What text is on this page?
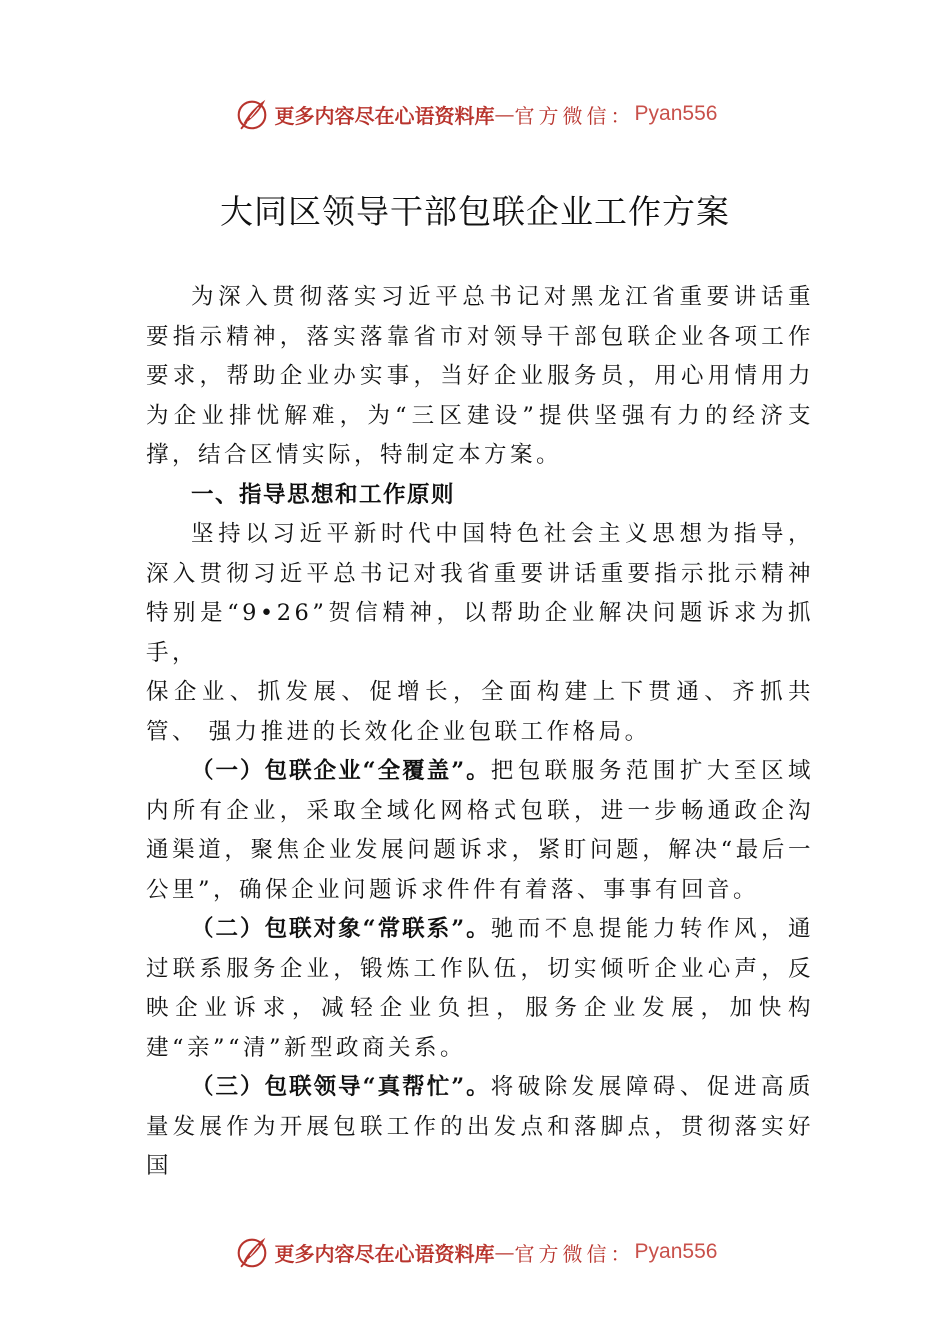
更多内容尽在心语资料库 — 官方微信： Pyan556
大同区领导干部包联企业工作方案

为深入贯彻落实习近平总书记对黑龙江省重要讲话重要指示精神，落实落靠省市对领导干部包联企业各项工作要求，帮助企业办实事，当好企业服务员，用心用情用力为企业排忧解难，为“三区建设”提供坚强有力的经济支撑，结合区情实际，特制定本方案。

一、指导思想和工作原则

坚持以习近平新时代中国特色社会主义思想为指导，深入贯彻习近平总书记对我省重要讲话重要指示批示精神特别是“9•26”贺信精神，以帮助企业解决问题诉求为抓手，

保企业、抓发展、促增长，全面构建上下贯通、齐抓共管、 强力推进的长效化企业包联工作格局。

（一）包联企业“全覆盖”。把包联服务范围扩大至区域内所有企业，采取全域化网格式包联，进一步畅通政企沟通渠道，聚焦企业发展问题诉求，紧盯问题，解决“最后一公里”，确保企业问题诉求件件有着落、事事有回音。

（二）包联对象“常联系”。驰而不息提能力转作风，通过联系服务企业，锻炼工作队伍，切实倾听企业心声，反映企业诉求，减轻企业负担，服务企业发展，加快构建“亲”“清”新型政商关系。

（三）包联领导“真帮忙”。将破除发展障碍、促进高质量发展作为开展包联工作的出发点和落脚点，贯彻落实好国

更多内容尽在心语资料库 — 官方微信： Pyan556
